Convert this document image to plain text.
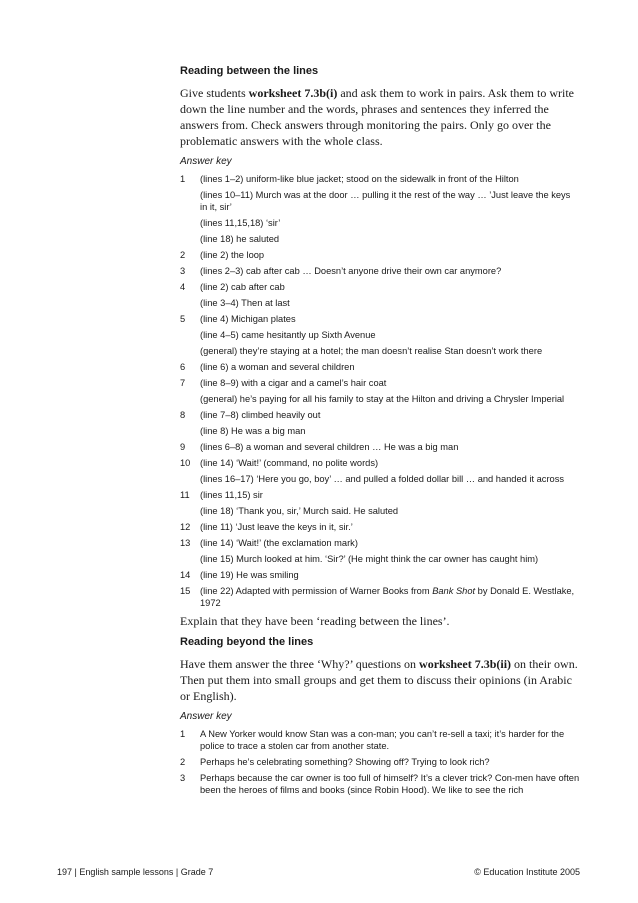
Reading between the lines

Give students worksheet 7.3b(i) and ask them to work in pairs. Ask them to write down the line number and the words, phrases and sentences they inferred the answers from. Check answers through monitoring the pairs. Only go over the problematic answers with the whole class.

Answer key
1 (lines 1–2) uniform-like blue jacket; stood on the sidewalk in front of the Hilton
(lines 10–11) Murch was at the door … pulling it the rest of the way … ’Just leave the keys in it, sir’
(lines 11,15,18) ‘sir’
(line 18) he saluted
2 (line 2) the loop
3 (lines 2–3) cab after cab … Doesn’t anyone drive their own car anymore?
4 (line 2) cab after cab
(line 3–4) Then at last
5 (line 4) Michigan plates
(line 4–5) came hesitantly up Sixth Avenue
(general) they’re staying at a hotel; the man doesn’t realise Stan doesn’t work there
6 (line 6) a woman and several children
7 (line 8–9) with a cigar and a camel’s hair coat
(general) he’s paying for all his family to stay at the Hilton and driving a Chrysler Imperial
8 (line 7–8) climbed heavily out
(line 8) He was a big man
9 (lines 6–8) a woman and several children … He was a big man
10 (line 14) ‘Wait!’ (command, no polite words)
(lines 16–17) ‘Here you go, boy’ … and pulled a folded dollar bill … and handed it across
11 (lines 11,15) sir
(line 18) ‘Thank you, sir,’ Murch said. He saluted
12 (line 11) ‘Just leave the keys in it, sir.’
13 (line 14) ‘Wait!’ (the exclamation mark)
(line 15) Murch looked at him. ‘Sir?’ (He might think the car owner has caught him)
14 (line 19) He was smiling
15 (line 22) Adapted with permission of Warner Books from Bank Shot by Donald E. Westlake, 1972

Explain that they have been ‘reading between the lines’.

Reading beyond the lines

Have them answer the three ‘Why?’ questions on worksheet 7.3b(ii) on their own. Then put them into small groups and get them to discuss their opinions (in Arabic or English).

Answer key
1 A New Yorker would know Stan was a con-man; you can’t re-sell a taxi; it’s harder for the police to trace a stolen car from another state.
2 Perhaps he’s celebrating something? Showing off? Trying to look rich?
3 Perhaps because the car owner is too full of himself? It’s a clever trick? Con-men have often been the heroes of films and books (since Robin Hood). We like to see the rich
197 | English sample lessons | Grade 7	© Education Institute 2005
